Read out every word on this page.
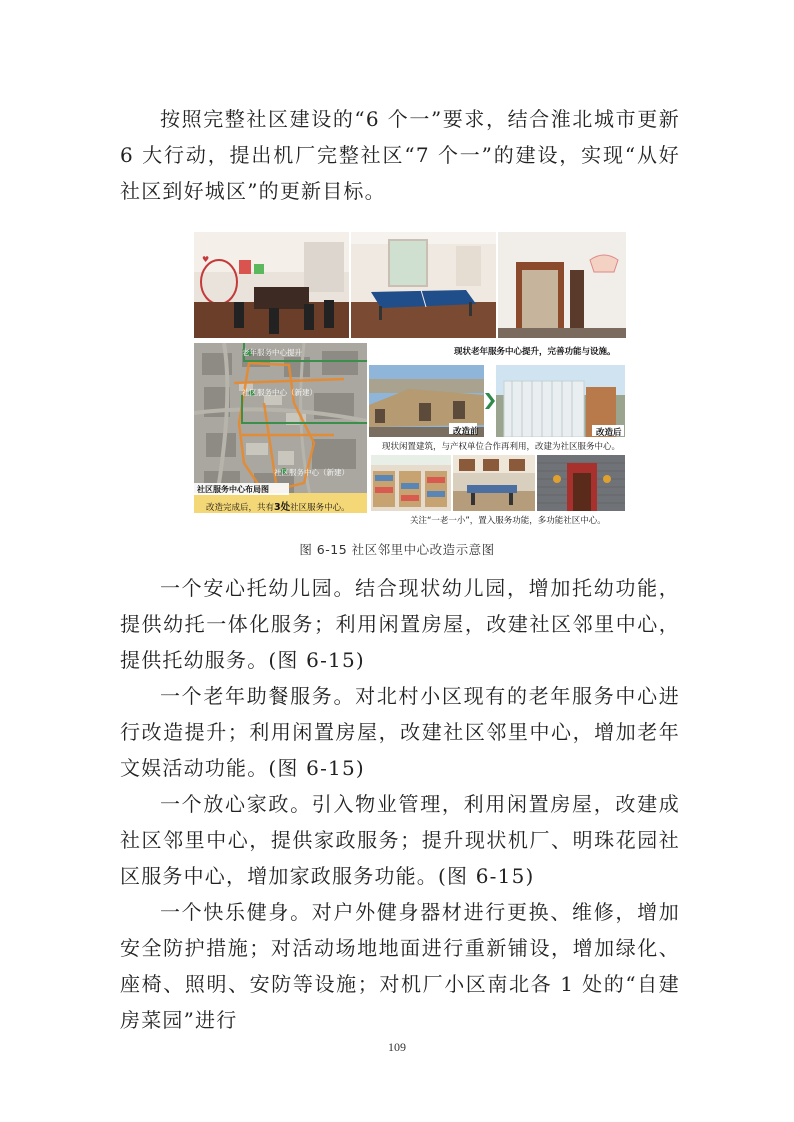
按照完整社区建设的“6 个一”要求，结合淮北城市更新 6 大行动，提出机厂完整社区“7 个一”的建设，实现“从好社区到好城区”的更新目标。

♥
现状老年服务中心提升，完善功能与设施。
老年服务中心提升
社区服务中心（新建）
社区服务中心（新建）
社区服务中心布局图
改造完成后，共有3处社区服务中心。
改造前	改造后
现状闲置建筑，与产权单位合作再利用，改建为社区服务中心。
关注“一老一小”，置入服务功能，多功能社区中心。
图 6-15 社区邻里中心改造示意图

一个安心托幼儿园。结合现状幼儿园，增加托幼功能，提供幼托一体化服务；利用闲置房屋，改建社区邻里中心，提供托幼服务。(图 6-15)

一个老年助餐服务。对北村小区现有的老年服务中心进行改造提升；利用闲置房屋，改建社区邻里中心，增加老年文娱活动功能。(图 6-15)

一个放心家政。引入物业管理，利用闲置房屋，改建成社区邻里中心，提供家政服务；提升现状机厂、明珠花园社区服务中心，增加家政服务功能。(图 6-15)

一个快乐健身。对户外健身器材进行更换、维修，增加安全防护措施；对活动场地地面进行重新铺设，增加绿化、座椅、照明、安防等设施；对机厂小区南北各 1 处的“自建房菜园”进行

109
